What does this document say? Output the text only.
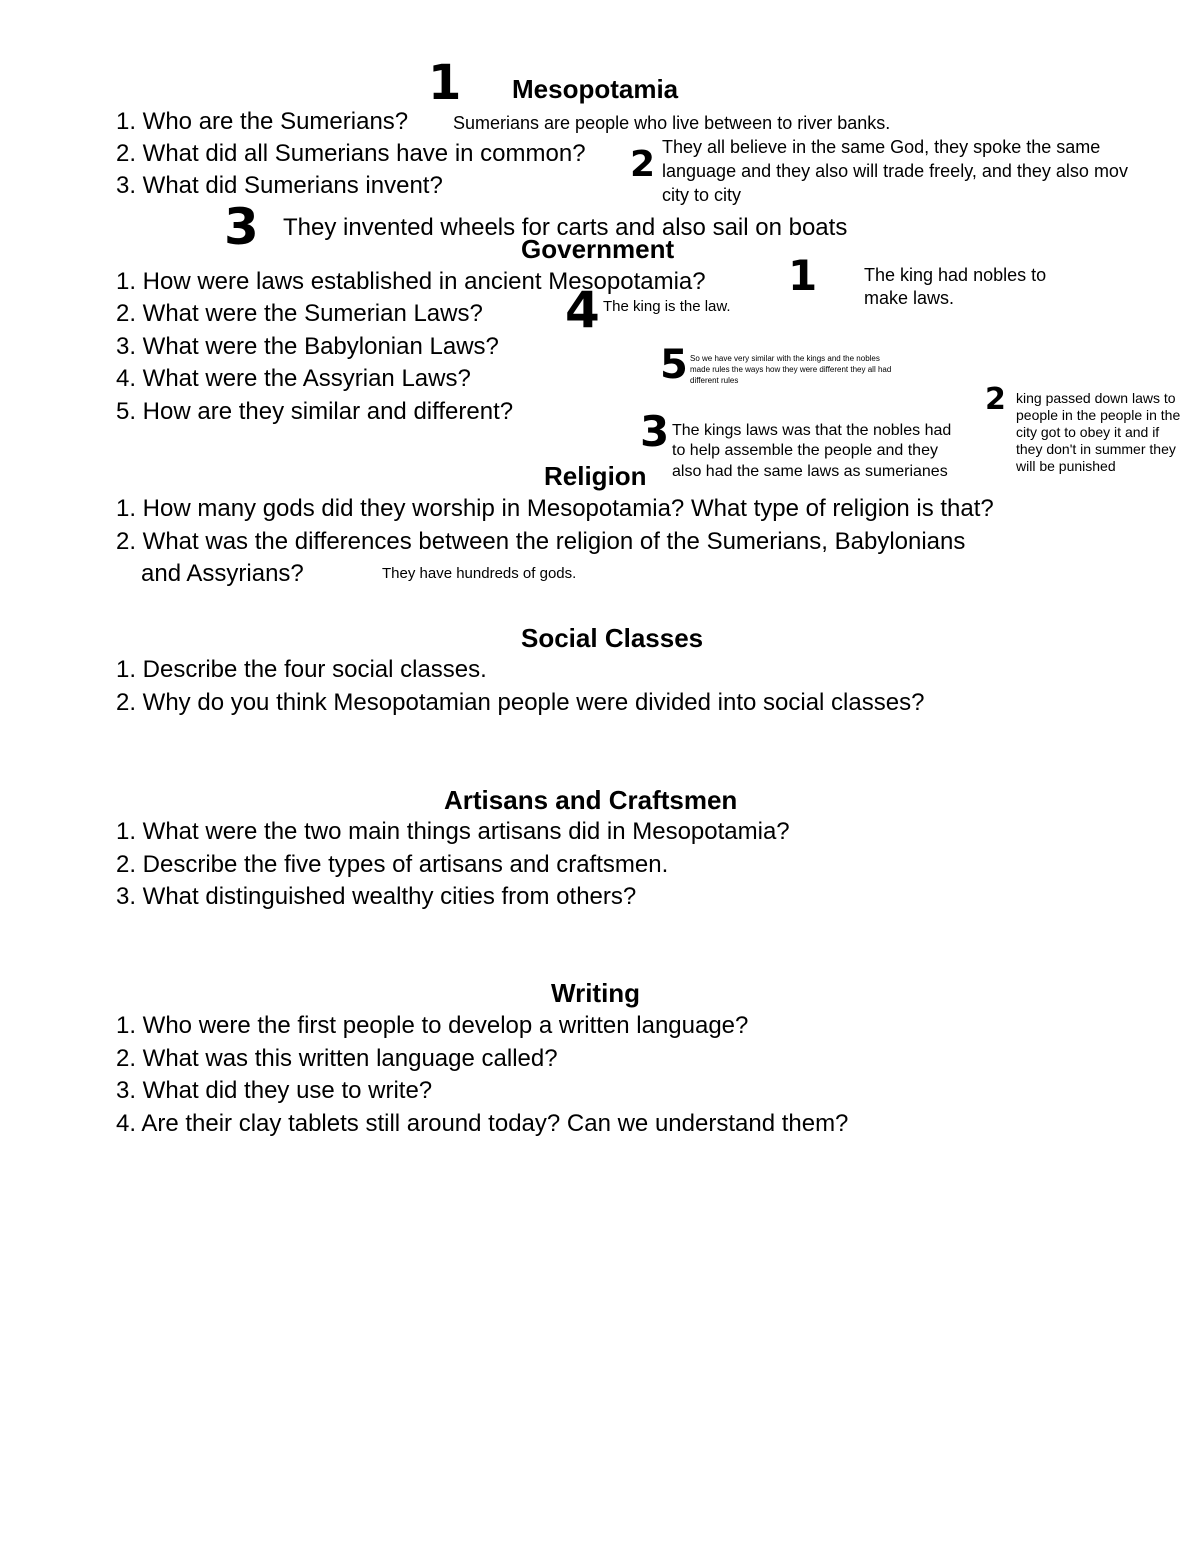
Mesopotamia
1
1. Who are the Sumerians?
2. What did all Sumerians have in common?
3. What did Sumerians invent?
Sumerians are people who live between to river banks.
2 They all believe in the same God, they spoke the same
language and they also will trade freely, and they also mov
city to city
3 They invented wheels for carts and also sail on boats
Government
1. How were laws established in ancient Mesopotamia?
2. What were the Sumerian Laws?
3. What were the Babylonian Laws?
4. What were the Assyrian Laws?
5. How are they similar and different?
1	The king had nobles to
make laws.
4 The king is the law.
5 So we have very similar with the kings and the nobles
made rules the ways how they were different they all had
different rules
2 king passed down laws to
people in the people in the
city got to obey it and if
they don't in summer they
will be punished
3 The kings laws was that the nobles had
to help assemble the people and they
also had the same laws as sumerianes
Religion
1. How many gods did they worship in Mesopotamia? What type of religion is that?
2. What was the differences between the religion of the Sumerians, Babylonians
and Assyrians?	They have hundreds of gods.
Social Classes
1. Describe the four social classes.
2. Why do you think Mesopotamian people were divided into social classes?
Artisans and Craftsmen
1. What were the two main things artisans did in Mesopotamia?
2. Describe the five types of artisans and craftsmen.
3. What distinguished wealthy cities from others?
Writing
1. Who were the first people to develop a written language?
2. What was this written language called?
3. What did they use to write?
4. Are their clay tablets still around today? Can we understand them?
